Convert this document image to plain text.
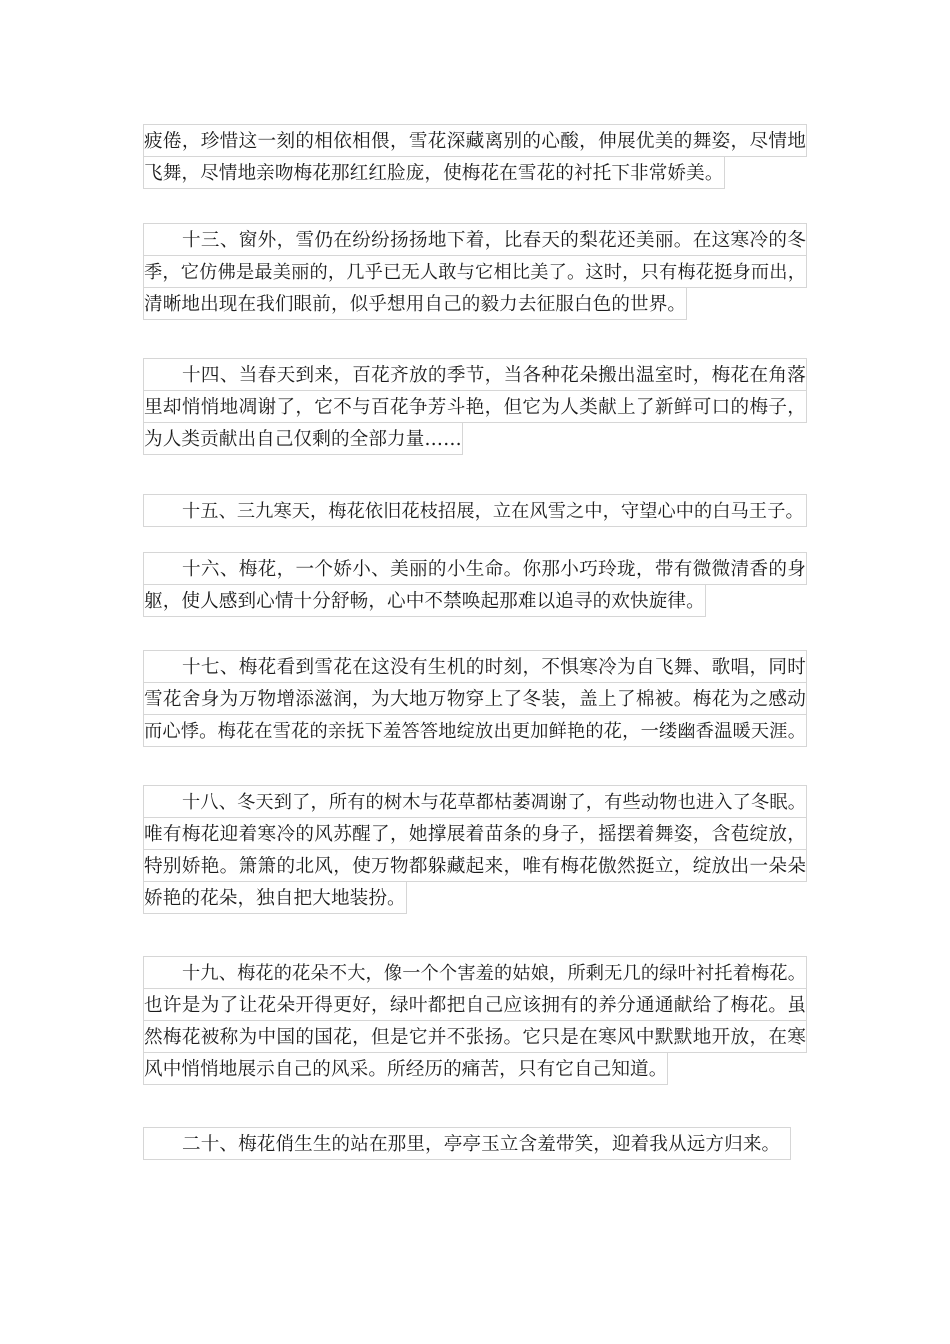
疲倦，珍惜这一刻的相依相偎，雪花深藏离别的心酸，伸展优美的舞姿，尽情地
飞舞，尽情地亲吻梅花那红红脸庞，使梅花在雪花的衬托下非常娇美。
十三、窗外，雪仍在纷纷扬扬地下着，比春天的梨花还美丽。在这寒冷的冬
季，它仿佛是最美丽的，几乎已无人敢与它相比美了。这时，只有梅花挺身而出，
清晰地出现在我们眼前，似乎想用自己的毅力去征服白色的世界。
十四、当春天到来，百花齐放的季节，当各种花朵搬出温室时，梅花在角落
里却悄悄地凋谢了，它不与百花争芳斗艳，但它为人类献上了新鲜可口的梅子，
为人类贡献出自己仅剩的全部力量……
十五、三九寒天，梅花依旧花枝招展，立在风雪之中，守望心中的白马王子。
十六、梅花，一个娇小、美丽的小生命。你那小巧玲珑，带有微微清香的身
躯，使人感到心情十分舒畅，心中不禁唤起那难以追寻的欢快旋律。
十七、梅花看到雪花在这没有生机的时刻，不惧寒冷为自飞舞、歌唱，同时
雪花舍身为万物增添滋润，为大地万物穿上了冬装，盖上了棉被。梅花为之感动
而心悸。梅花在雪花的亲抚下羞答答地绽放出更加鲜艳的花，一缕幽香温暖天涯。
十八、冬天到了，所有的树木与花草都枯萎凋谢了，有些动物也进入了冬眠。
唯有梅花迎着寒冷的风苏醒了，她撑展着苗条的身子，摇摆着舞姿，含苞绽放，
特别娇艳。箫箫的北风，使万物都躲藏起来，唯有梅花傲然挺立，绽放出一朵朵
娇艳的花朵，独自把大地装扮。
十九、梅花的花朵不大，像一个个害羞的姑娘，所剩无几的绿叶衬托着梅花。
也许是为了让花朵开得更好，绿叶都把自己应该拥有的养分通通献给了梅花。虽
然梅花被称为中国的国花，但是它并不张扬。它只是在寒风中默默地开放，在寒
风中悄悄地展示自己的风采。所经历的痛苦，只有它自己知道。
二十、梅花俏生生的站在那里，亭亭玉立含羞带笑，迎着我从远方归来。
